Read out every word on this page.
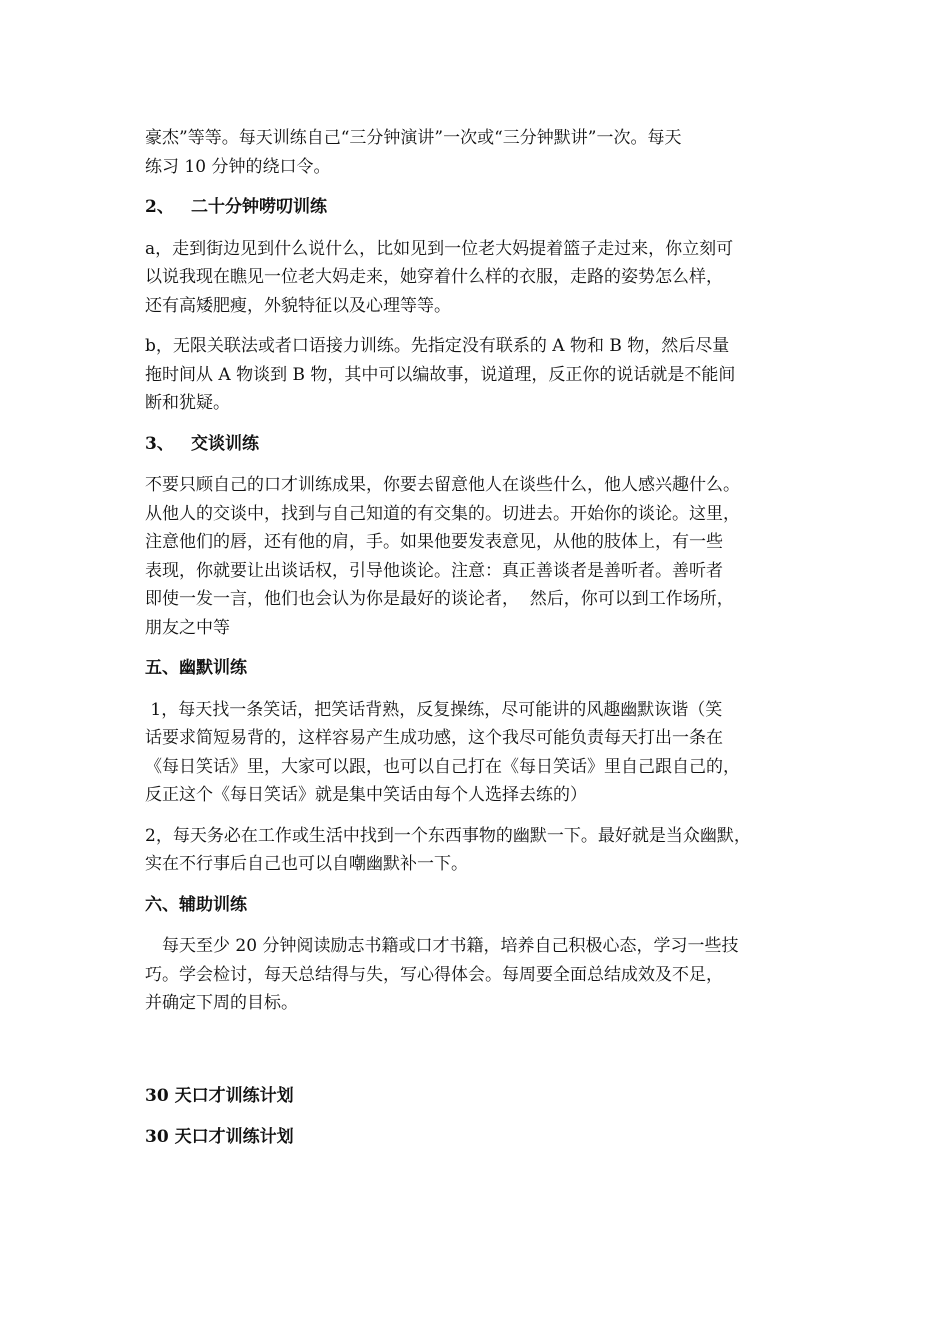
豪杰”等等。每天训练自己“三分钟演讲”一次或“三分钟默讲”一次。每天

练习 10 分钟的绕口令。

2、 二十分钟唠叨训练

a，走到街边见到什么说什么，比如见到一位老大妈提着篮子走过来，你立刻可

以说我现在瞧见一位老大妈走来，她穿着什么样的衣服，走路的姿势怎么样，

还有高矮肥瘦，外貌特征以及心理等等。

b，无限关联法或者口语接力训练。先指定没有联系的 A 物和 B 物，然后尽量

拖时间从 A 物谈到 B 物，其中可以编故事，说道理，反正你的说话就是不能间

断和犹疑。

3、 交谈训练

不要只顾自己的口才训练成果，你要去留意他人在谈些什么，他人感兴趣什么。

从他人的交谈中，找到与自己知道的有交集的。切进去。开始你的谈论。这里，

注意他们的唇，还有他的肩，手。如果他要发表意见，从他的肢体上，有一些

表现，你就要让出谈话权，引导他谈论。注意：真正善谈者是善听者。善听者

即使一发一言，他们也会认为你是最好的谈论者，  然后，你可以到工作场所，

朋友之中等

五、幽默训练

1，每天找一条笑话，把笑话背熟，反复操练，尽可能讲的风趣幽默诙谐（笑

话要求简短易背的，这样容易产生成功感，这个我尽可能负责每天打出一条在

《每日笑话》里，大家可以跟，也可以自己打在《每日笑话》里自己跟自己的，

反正这个《每日笑话》就是集中笑话由每个人选择去练的）

2，每天务必在工作或生活中找到一个东西事物的幽默一下。最好就是当众幽默，

实在不行事后自己也可以自嘲幽默补一下。

六、辅助训练

　每天至少 20 分钟阅读励志书籍或口才书籍，培养自己积极心态，学习一些技

巧。学会检讨，每天总结得与失，写心得体会。每周要全面总结成效及不足，

并确定下周的目标。

30 天口才训练计划

30 天口才训练计划
